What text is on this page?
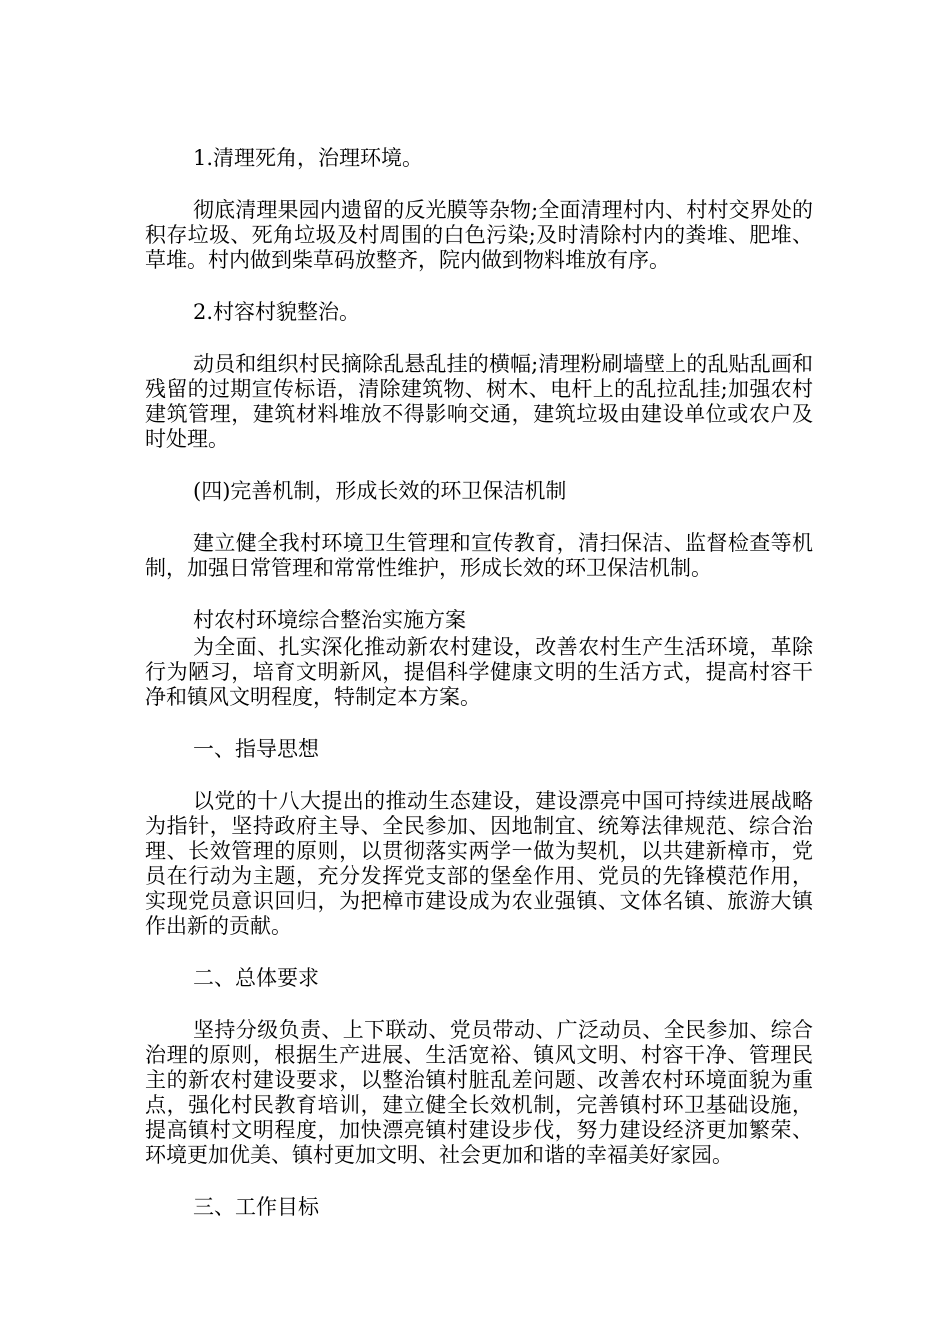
1.清理死角，治理环境。

彻底清理果园内遗留的反光膜等杂物;全面清理村内、村村交界处的积存垃圾、死角垃圾及村周围的白色污染;及时清除村内的粪堆、肥堆、草堆。村内做到柴草码放整齐，院内做到物料堆放有序。

2.村容村貌整治。

动员和组织村民摘除乱悬乱挂的横幅;清理粉刷墙壁上的乱贴乱画和残留的过期宣传标语，清除建筑物、树木、电杆上的乱拉乱挂;加强农村建筑管理，建筑材料堆放不得影响交通，建筑垃圾由建设单位或农户及时处理。

(四)完善机制，形成长效的环卫保洁机制

建立健全我村环境卫生管理和宣传教育，清扫保洁、监督检查等机制，加强日常管理和常常性维护，形成长效的环卫保洁机制。

村农村环境综合整治实施方案

为全面、扎实深化推动新农村建设，改善农村生产生活环境，革除行为陋习，培育文明新风，提倡科学健康文明的生活方式，提高村容干净和镇风文明程度，特制定本方案。

一、指导思想

以党的十八大提出的推动生态建设，建设漂亮中国可持续进展战略为指针，坚持政府主导、全民参加、因地制宜、统筹法律规范、综合治理、长效管理的原则，以贯彻落实两学一做为契机，以共建新樟市，党员在行动为主题，充分发挥党支部的堡垒作用、党员的先锋模范作用，实现党员意识回归，为把樟市建设成为农业强镇、文体名镇、旅游大镇作出新的贡献。

二、总体要求

坚持分级负责、上下联动、党员带动、广泛动员、全民参加、综合治理的原则，根据生产进展、生活宽裕、镇风文明、村容干净、管理民主的新农村建设要求，以整治镇村脏乱差问题、改善农村环境面貌为重点，强化村民教育培训，建立健全长效机制，完善镇村环卫基础设施，提高镇村文明程度，加快漂亮镇村建设步伐，努力建设经济更加繁荣、环境更加优美、镇村更加文明、社会更加和谐的幸福美好家园。

三、工作目标
